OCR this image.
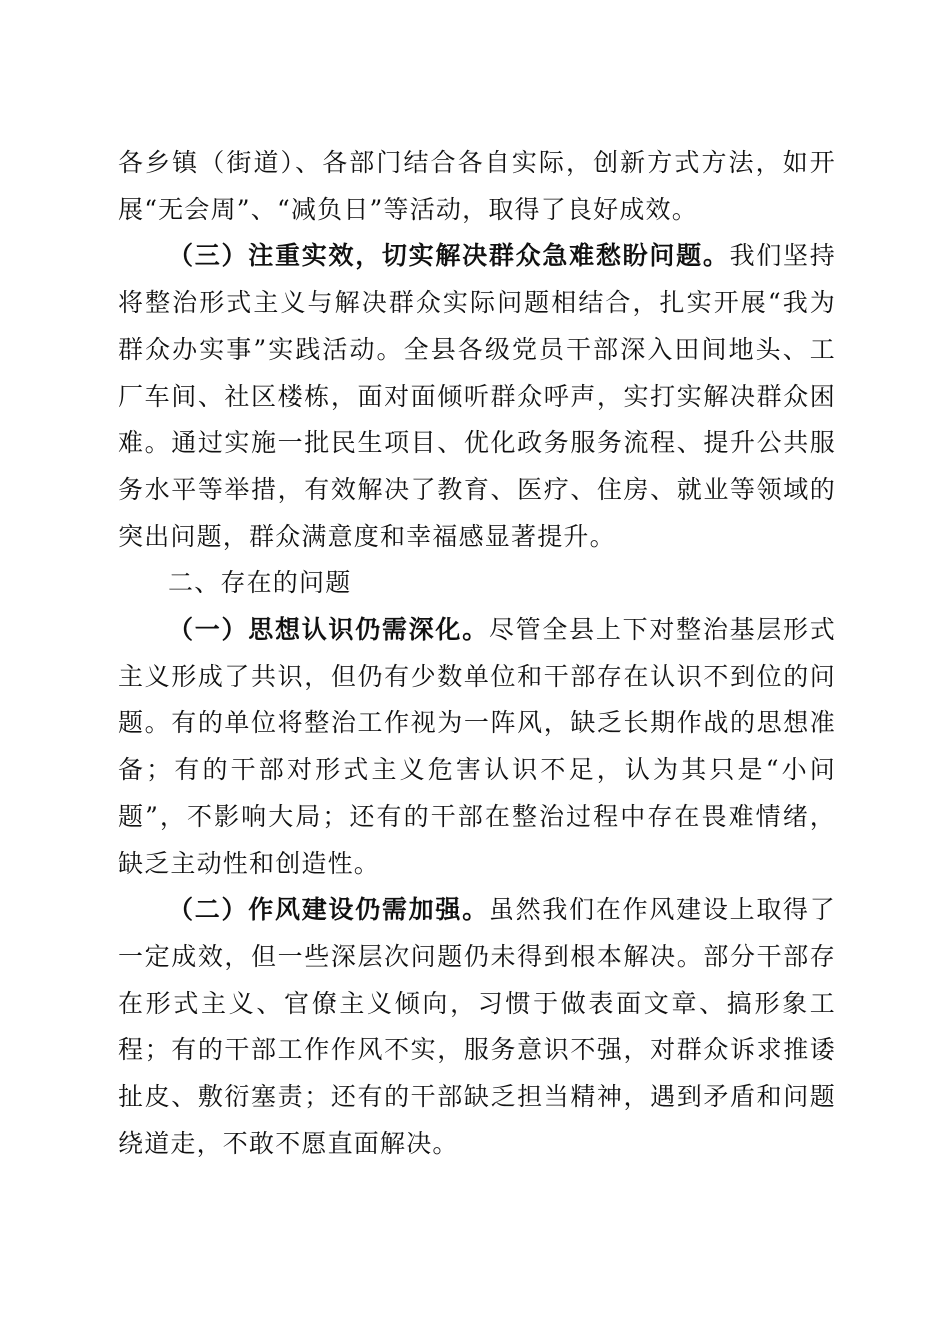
各乡镇（街道）、各部门结合各自实际，创新方式方法，如开展“无会周”、“减负日”等活动，取得了良好成效。

（三）注重实效，切实解决群众急难愁盼问题。我们坚持将整治形式主义与解决群众实际问题相结合，扎实开展“我为群众办实事”实践活动。全县各级党员干部深入田间地头、工厂车间、社区楼栋，面对面倾听群众呼声，实打实解决群众困难。通过实施一批民生项目、优化政务服务流程、提升公共服务水平等举措，有效解决了教育、医疗、住房、就业等领域的突出问题，群众满意度和幸福感显著提升。

二、存在的问题

（一）思想认识仍需深化。尽管全县上下对整治基层形式主义形成了共识，但仍有少数单位和干部存在认识不到位的问题。有的单位将整治工作视为一阵风，缺乏长期作战的思想准备；有的干部对形式主义危害认识不足，认为其只是“小问题”，不影响大局；还有的干部在整治过程中存在畏难情绪，缺乏主动性和创造性。

（二）作风建设仍需加强。虽然我们在作风建设上取得了一定成效，但一些深层次问题仍未得到根本解决。部分干部存在形式主义、官僚主义倾向，习惯于做表面文章、搞形象工程；有的干部工作作风不实，服务意识不强，对群众诉求推诿扯皮、敷衍塞责；还有的干部缺乏担当精神，遇到矛盾和问题绕道走，不敢不愿直面解决。
